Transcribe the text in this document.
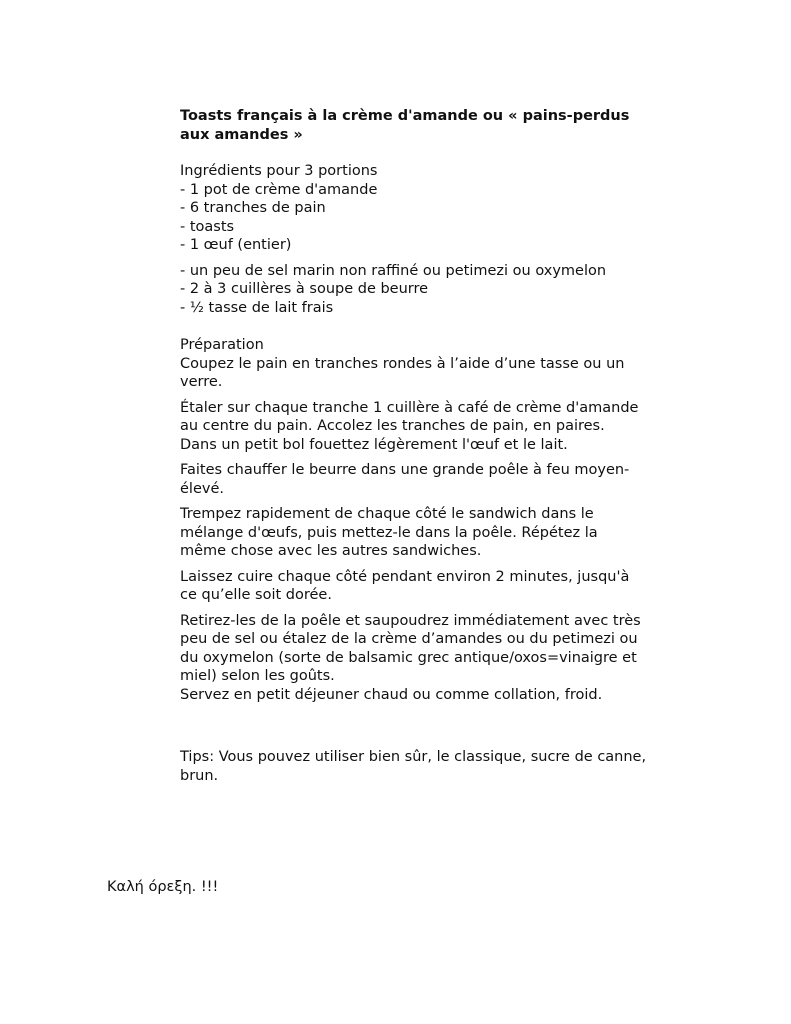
Toasts français à la crème d'amande ou « pains-perdus

aux amandes »

Ingrédients pour 3 portions

- 1 pot de crème d'amande

- 6 tranches de pain

- toasts

- 1 œuf (entier)

- un peu de sel marin non raffiné ou petimezi ou oxymelon

- 2 à 3 cuillères à soupe de beurre

- ½ tasse de lait frais

Préparation

Coupez le pain en tranches rondes à l’aide d’une tasse ou un

verre.

Étaler sur chaque tranche 1 cuillère à café de crème d'amande

au centre du pain. Accolez les tranches de pain, en paires.

Dans un petit bol fouettez légèrement l'œuf et le lait.

Faites chauffer le beurre dans une grande poêle à feu moyen-

élevé.

Trempez rapidement de chaque côté le sandwich dans le

mélange d'œufs, puis mettez-le dans la poêle. Répétez la

même chose avec les autres sandwiches.

Laissez cuire chaque côté pendant environ 2 minutes, jusqu'à

ce qu’elle soit dorée.

Retirez-les de la poêle et saupoudrez immédiatement avec très

peu de sel ou étalez de la crème d’amandes ou du petimezi ou

du oxymelon (sorte de balsamic grec antique/oxos=vinaigre et

miel) selon les goûts.

Servez en petit déjeuner chaud ou comme collation, froid.

Tips: Vous pouvez utiliser bien sûr, le classique, sucre de canne,

brun.

Καλή όρεξη. !!!
